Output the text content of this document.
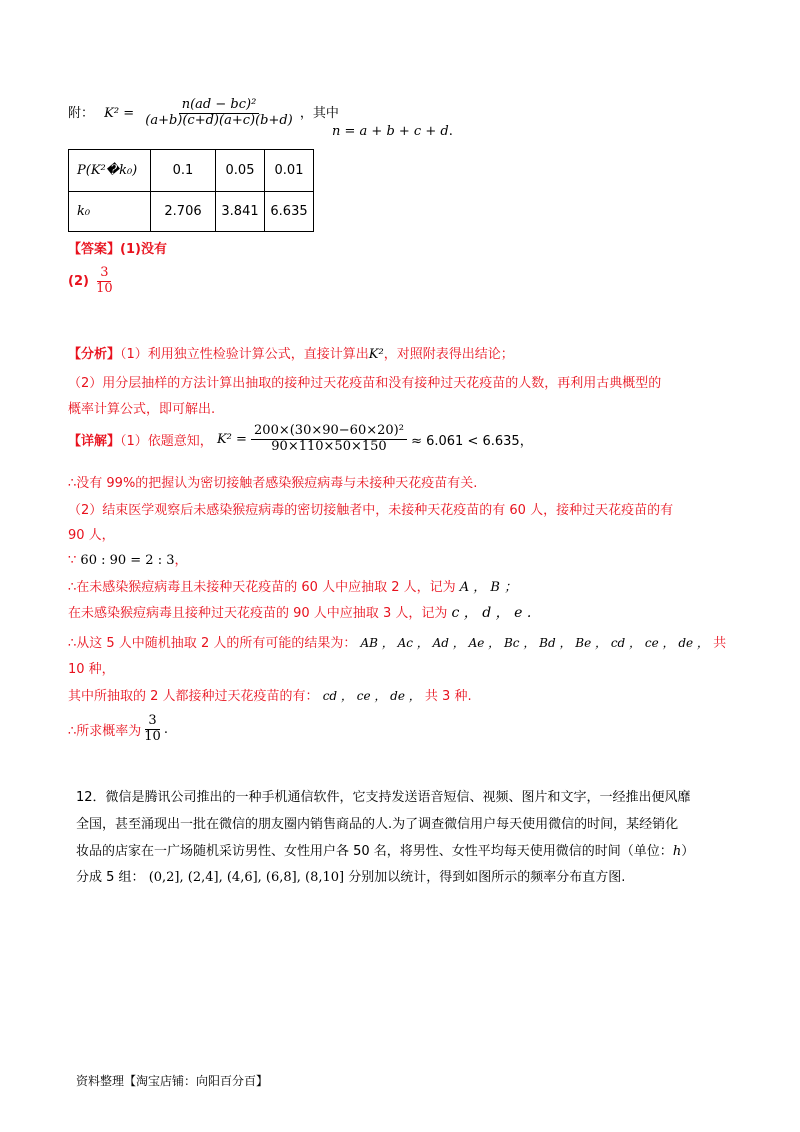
附： $K^2 = \frac{\text{n(ad − bc)²}}{(a+b)(c+d)(a+c)(b+d)}$ ，其中
n = a + b + c + d.
P(K²�k₀)	0.1	0.05	0.01
k₀	2.706	3.841	6.635
【答案】(1)没有
$(2) \frac{3}{10}$
【分析】（1）利用独立性检验计算公式，直接计算出K²，对照附表得出结论；
（2）用分层抽样的方法计算出抽取的接种过天花疫苗和没有接种过天花疫苗的人数，再利用古典概型的
概率计算公式，即可解出.
【详解】（1）依题意知， $K^2 = \frac{\text{200×(30×90−60×20)²}}{90\times 110\times 50\times 150} \approx 6.061 < 6.635$，
∴没有 99%的把握认为密切接触者感染猴痘病毒与未接种天花疫苗有关.
（2）结束医学观察后未感染猴痘病毒的密切接触者中，未接种天花疫苗的有 60 人，接种过天花疫苗的有
90 人，
∵ 60 : 90 = 2 : 3，
∴在未感染猴痘病毒且未接种天花疫苗的 60 人中应抽取 2 人，记为 A ， B ；
在未感染猴痘病毒且接种过天花疫苗的 90 人中应抽取 3 人，记为 c ， d ， e .
∴从这 5 人中随机抽取 2 人的所有可能的结果为： AB ， Ac ， Ad ， Ae ， Bc ， Bd ， Be ， cd ， ce ， de ， 共
10 种，
其中所抽取的 2 人都接种过天花疫苗的有： cd ， ce ， de ， 共 3 种.
∴所求概率为 $\frac{3}{10}$ .
12．微信是腾讯公司推出的一种手机通信软件，它支持发送语音短信、视频、图片和文字，一经推出便风靡
全国，甚至涌现出一批在微信的朋友圈内销售商品的人.为了调查微信用户每天使用微信的时间，某经销化
妆品的店家在一广场随机采访男性、女性用户各 50 名，将男性、女性平均每天使用微信的时间（单位：h）
分成 5 组： (0,2], (2,4], (4,6], (6,8], (8,10] 分别加以统计，得到如图所示的频率分布直方图.
资料整理【淘宝店铺：向阳百分百】
